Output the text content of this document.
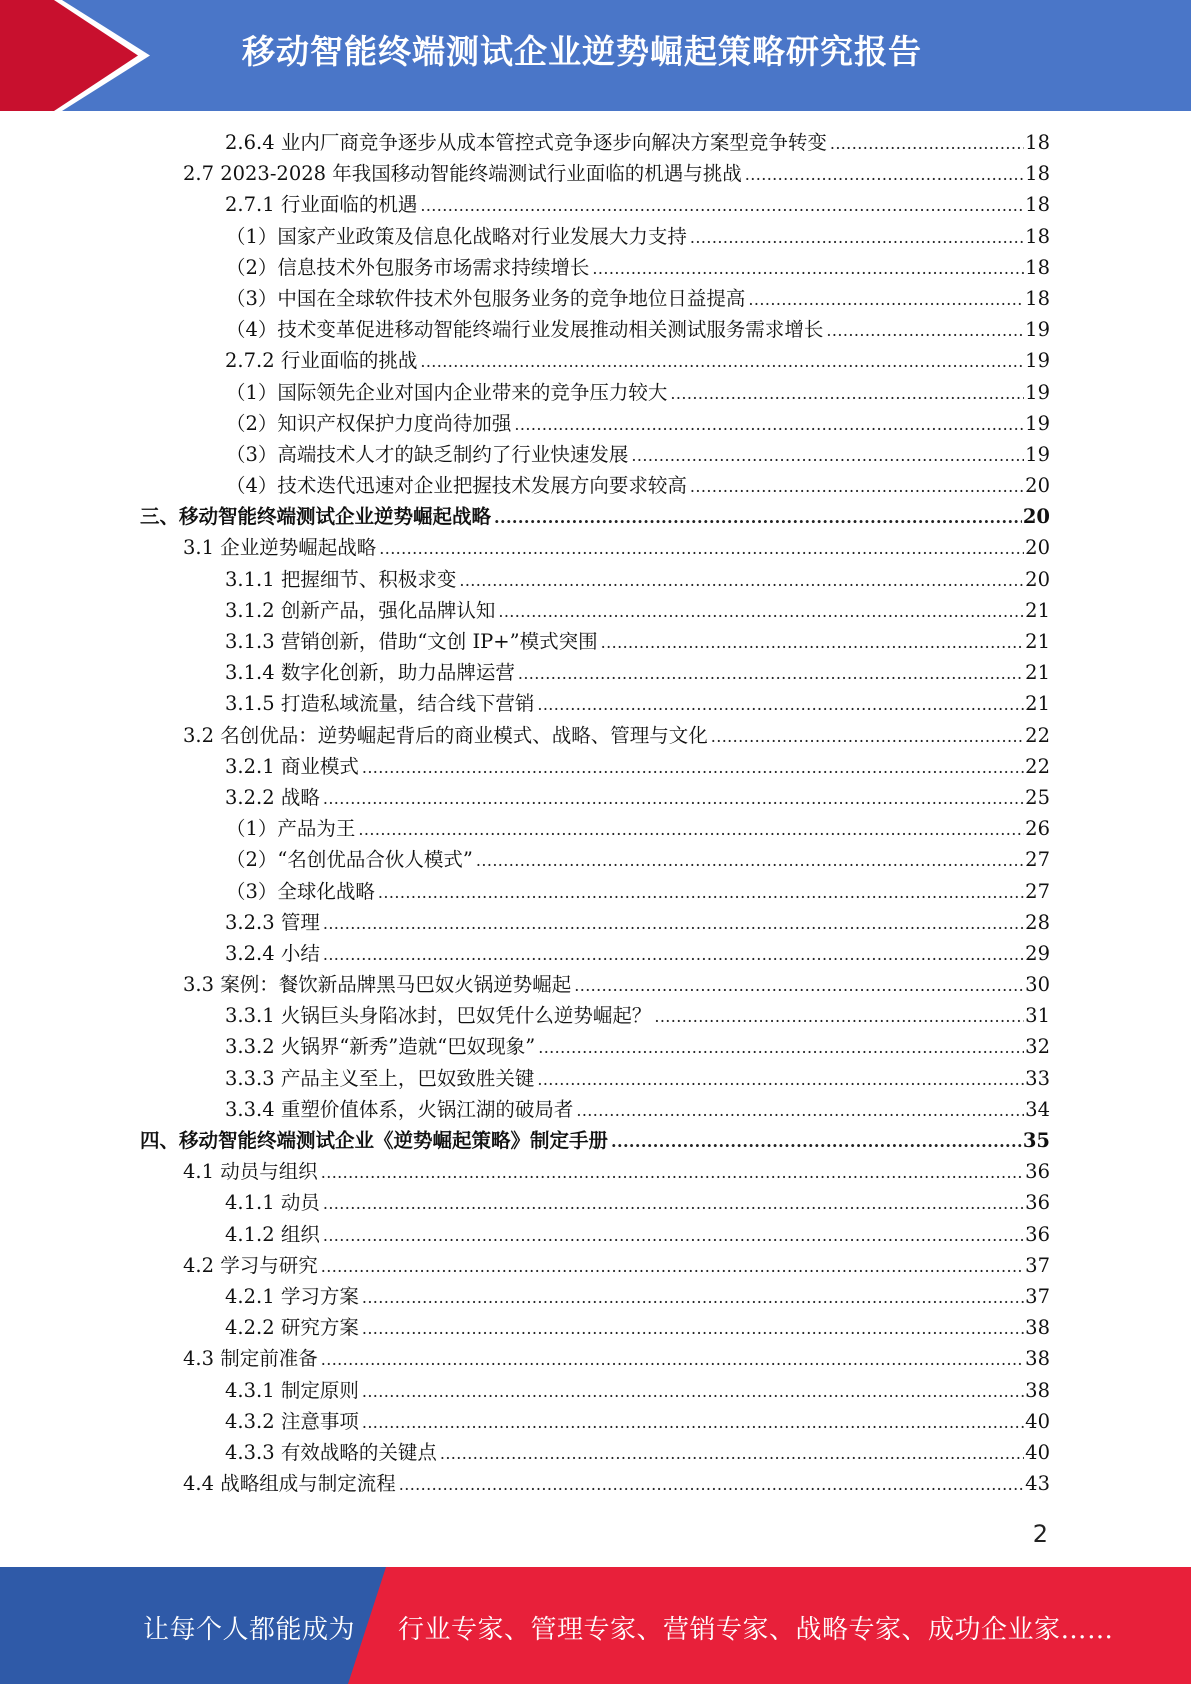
移动智能终端测试企业逆势崛起策略研究报告
2.6.4 业内厂商竞争逐步从成本管控式竞争逐步向解决方案型竞争转变 .....	18
2.7 2023-2028 年我国移动智能终端测试行业面临的机遇与挑战 .....	18
2.7.1 行业面临的机遇 .....	18
（1）国家产业政策及信息化战略对行业发展大力支持 .....	18
（2）信息技术外包服务市场需求持续增长 .....	18
（3）中国在全球软件技术外包服务业务的竞争地位日益提高 .....	18
（4）技术变革促进移动智能终端行业发展推动相关测试服务需求增长 .....	19
2.7.2 行业面临的挑战 .....	19
（1）国际领先企业对国内企业带来的竞争压力较大 .....	19
（2）知识产权保护力度尚待加强 .....	19
（3）高端技术人才的缺乏制约了行业快速发展 .....	19
（4）技术迭代迅速对企业把握技术发展方向要求较高 .....	20
三、移动智能终端测试企业逆势崛起战略 .....	20
3.1 企业逆势崛起战略 .....	20
3.1.1 把握细节、积极求变 .....	20
3.1.2 创新产品，强化品牌认知 .....	21
3.1.3 营销创新，借助“文创 IP+”模式突围 .....	21
3.1.4 数字化创新，助力品牌运营 .....	21
3.1.5 打造私域流量，结合线下营销 .....	21
3.2 名创优品：逆势崛起背后的商业模式、战略、管理与文化 .....	22
3.2.1 商业模式 .....	22
3.2.2 战略 .....	25
（1）产品为王 .....	26
（2）“名创优品合伙人模式” .....	27
（3）全球化战略 .....	27
3.2.3 管理 .....	28
3.2.4 小结 .....	29
3.3 案例：餐饮新品牌黑马巴奴火锅逆势崛起 .....	30
3.3.1 火锅巨头身陷冰封，巴奴凭什么逆势崛起？ .....	31
3.3.2 火锅界“新秀”造就“巴奴现象” .....	32
3.3.3 产品主义至上，巴奴致胜关键 .....	33
3.3.4 重塑价值体系，火锅江湖的破局者 .....	34
四、移动智能终端测试企业《逆势崛起策略》制定手册 .....	35
4.1 动员与组织 .....	36
4.1.1 动员 .....	36
4.1.2 组织 .....	36
4.2 学习与研究 .....	37
4.2.1 学习方案 .....	37
4.2.2 研究方案 .....	38
4.3 制定前准备 .....	38
4.3.1 制定原则 .....	38
4.3.2 注意事项 .....	40
4.3.3 有效战略的关键点 .....	40
4.4 战略组成与制定流程 .....	43
2
让每个人都能成为 行业专家、管理专家、营销专家、战略专家、成功企业家……
